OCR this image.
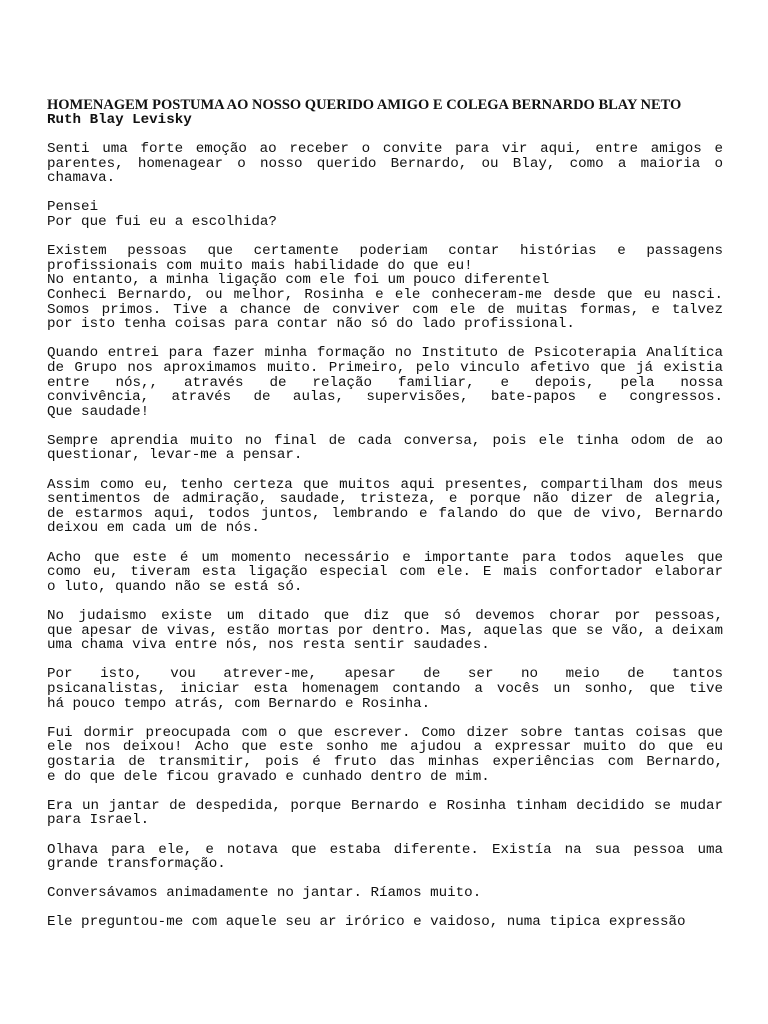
HOMENAGEM POSTUMA AO NOSSO QUERIDO AMIGO E COLEGA BERNARDO BLAY NETO
Ruth Blay Levisky

Senti uma forte emoção ao receber o convite para vir aqui, entre amigos e
parentes, homenagear o nosso querido Bernardo, ou Blay, como a maioria o
chamava.

Pensei
Por que fui eu a escolhida?

Existem pessoas que certamente poderiam contar histórias e passagens
profissionais com muito mais habilidade do que eu!
No entanto, a minha ligação com ele foi um pouco diferentel
Conheci Bernardo, ou melhor, Rosinha e ele conheceram-me desde que eu nasci.
Somos primos. Tive a chance de conviver com ele de muitas formas, e talvez
por isto tenha coisas para contar não só do lado profissional.

Quando entrei para fazer minha formação no Instituto de Psicoterapia Analítica
de Grupo nos aproximamos muito. Primeiro, pelo vinculo afetivo que já existia
entre nós,, através de relação familiar, e depois, pela nossa
convivência, através de aulas, supervisões, bate-papos e congressos.
Que saudade!

Sempre aprendia muito no final de cada conversa, pois ele tinha odom de ao
questionar, levar-me a pensar.

Assim como eu, tenho certeza que muitos aqui presentes, compartilham dos meus
sentimentos de admiração, saudade, tristeza, e porque não dizer de alegria,
de estarmos aqui, todos juntos, lembrando e falando do que de vivo, Bernardo
deixou em cada um de nós.

Acho que este é um momento necessário e importante para todos aqueles que
como eu, tiveram esta ligação especial com ele. E mais confortador elaborar
o luto, quando não se está só.

No judaismo existe um ditado que diz que só devemos chorar por pessoas,
que apesar de vivas, estão mortas por dentro. Mas, aquelas que se vão, a deixam
uma chama viva entre nós, nos resta sentir saudades.

Por isto, vou atrever-me, apesar de ser no meio de tantos
psicanalistas, iniciar esta homenagem contando a vocês un sonho, que tive
há pouco tempo atrás, com Bernardo e Rosinha.

Fui dormir preocupada com o que escrever. Como dizer sobre tantas coisas que
ele nos deixou! Acho que este sonho me ajudou a expressar muito do que eu
gostaria de transmitir, pois é fruto das minhas experiências com Bernardo,
e do que dele ficou gravado e cunhado dentro de mim.

Era un jantar de despedida, porque Bernardo e Rosinha tinham decidido se mudar
para Israel.

Olhava para ele, e notava que estaba diferente. Existía na sua pessoa uma
grande transformação.

Conversávamos animadamente no jantar. Ríamos muito.

Ele preguntou-me com aquele seu ar irórico e vaidoso, numa tipica expressão
